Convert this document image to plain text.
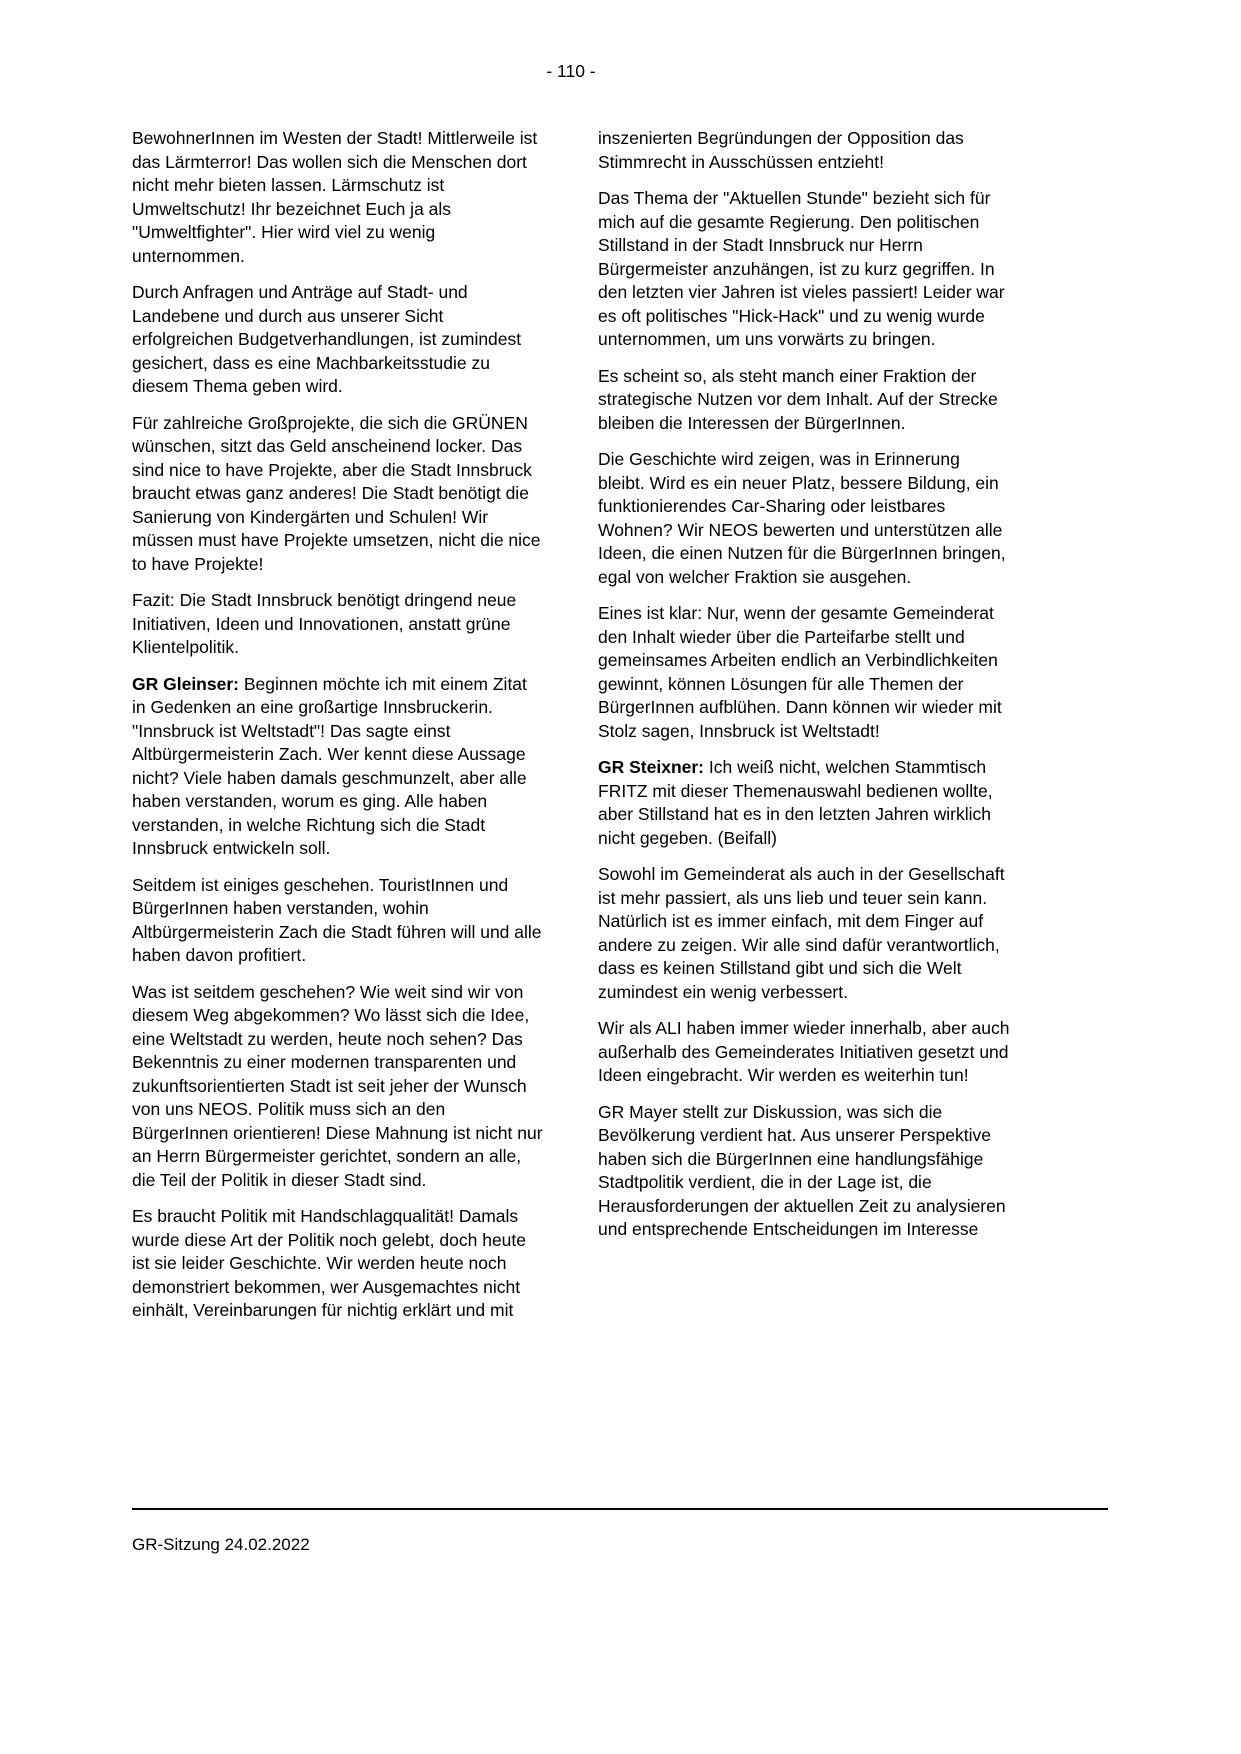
- 110 -

BewohnerInnen im Westen der Stadt! Mittlerweile ist das Lärmterror! Das wollen sich die Menschen dort nicht mehr bieten lassen. Lärmschutz ist Umweltschutz! Ihr bezeichnet Euch ja als "Umweltfighter". Hier wird viel zu wenig unternommen.

Durch Anfragen und Anträge auf Stadt- und Landebene und durch aus unserer Sicht erfolgreichen Budgetverhandlungen, ist zumindest gesichert, dass es eine Machbarkeitsstudie zu diesem Thema geben wird.

Für zahlreiche Großprojekte, die sich die GRÜNEN wünschen, sitzt das Geld anscheinend locker. Das sind nice to have Projekte, aber die Stadt Innsbruck braucht etwas ganz anderes! Die Stadt benötigt die Sanierung von Kindergärten und Schulen! Wir müssen must have Projekte umsetzen, nicht die nice to have Projekte!

Fazit: Die Stadt Innsbruck benötigt dringend neue Initiativen, Ideen und Innovationen, anstatt grüne Klientelpolitik.

GR Gleinser: Beginnen möchte ich mit einem Zitat in Gedenken an eine großartige Innsbruckerin. "Innsbruck ist Weltstadt"! Das sagte einst Altbürgermeisterin Zach. Wer kennt diese Aussage nicht? Viele haben damals geschmunzelt, aber alle haben verstanden, worum es ging. Alle haben verstanden, in welche Richtung sich die Stadt Innsbruck entwickeln soll.

Seitdem ist einiges geschehen. TouristInnen und BürgerInnen haben verstanden, wohin Altbürgermeisterin Zach die Stadt führen will und alle haben davon profitiert.

Was ist seitdem geschehen? Wie weit sind wir von diesem Weg abgekommen? Wo lässt sich die Idee, eine Weltstadt zu werden, heute noch sehen? Das Bekenntnis zu einer modernen transparenten und zukunftsorientierten Stadt ist seit jeher der Wunsch von uns NEOS. Politik muss sich an den BürgerInnen orientieren! Diese Mahnung ist nicht nur an Herrn Bürgermeister gerichtet, sondern an alle, die Teil der Politik in dieser Stadt sind.

Es braucht Politik mit Handschlagqualität! Damals wurde diese Art der Politik noch gelebt, doch heute ist sie leider Geschichte. Wir werden heute noch demonstriert bekommen, wer Ausgemachtes nicht einhält, Vereinbarungen für nichtig erklärt und mit

inszenierten Begründungen der Opposition das Stimmrecht in Ausschüssen entzieht!

Das Thema der "Aktuellen Stunde" bezieht sich für mich auf die gesamte Regierung. Den politischen Stillstand in der Stadt Innsbruck nur Herrn Bürgermeister anzuhängen, ist zu kurz gegriffen. In den letzten vier Jahren ist vieles passiert! Leider war es oft politisches "Hick-Hack" und zu wenig wurde unternommen, um uns vorwärts zu bringen.

Es scheint so, als steht manch einer Fraktion der strategische Nutzen vor dem Inhalt. Auf der Strecke bleiben die Interessen der BürgerInnen.

Die Geschichte wird zeigen, was in Erinnerung bleibt. Wird es ein neuer Platz, bessere Bildung, ein funktionierendes Car-Sharing oder leistbares Wohnen? Wir NEOS bewerten und unterstützen alle Ideen, die einen Nutzen für die BürgerInnen bringen, egal von welcher Fraktion sie ausgehen.

Eines ist klar: Nur, wenn der gesamte Gemeinderat den Inhalt wieder über die Parteifarbe stellt und gemeinsames Arbeiten endlich an Verbindlichkeiten gewinnt, können Lösungen für alle Themen der BürgerInnen aufblühen. Dann können wir wieder mit Stolz sagen, Innsbruck ist Weltstadt!

GR Steixner: Ich weiß nicht, welchen Stammtisch FRITZ mit dieser Themenauswahl bedienen wollte, aber Stillstand hat es in den letzten Jahren wirklich nicht gegeben. (Beifall)

Sowohl im Gemeinderat als auch in der Gesellschaft ist mehr passiert, als uns lieb und teuer sein kann. Natürlich ist es immer einfach, mit dem Finger auf andere zu zeigen. Wir alle sind dafür verantwortlich, dass es keinen Stillstand gibt und sich die Welt zumindest ein wenig verbessert.

Wir als ALI haben immer wieder innerhalb, aber auch außerhalb des Gemeinderates Initiativen gesetzt und Ideen eingebracht. Wir werden es weiterhin tun!

GR Mayer stellt zur Diskussion, was sich die Bevölkerung verdient hat. Aus unserer Perspektive haben sich die BürgerInnen eine handlungsfähige Stadtpolitik verdient, die in der Lage ist, die Herausforderungen der aktuellen Zeit zu analysieren und entsprechende Entscheidungen im Interesse

GR-Sitzung 24.02.2022
